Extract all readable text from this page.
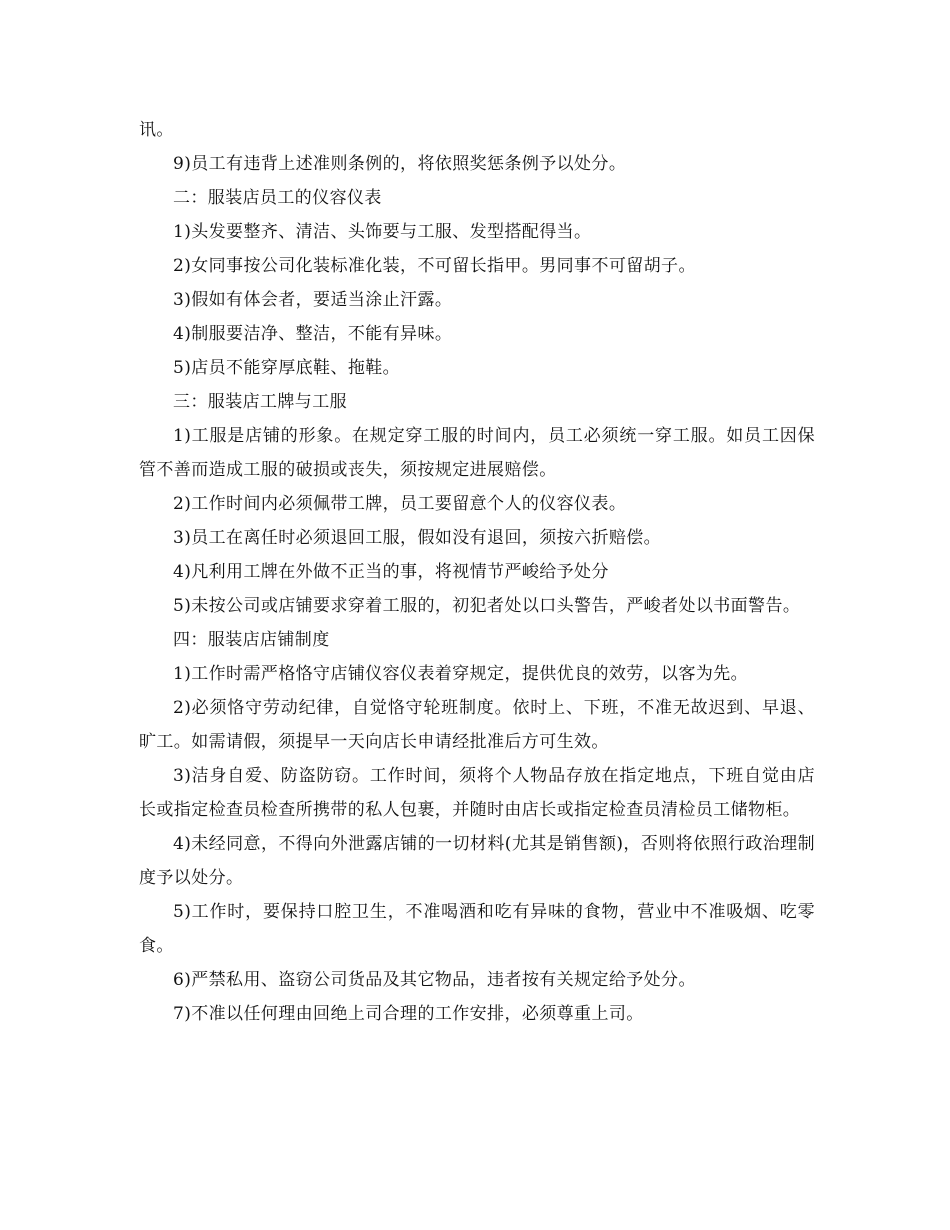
讯。

9)员工有违背上述准则条例的，将依照奖惩条例予以处分。

二：服装店员工的仪容仪表

1)头发要整齐、清洁、头饰要与工服、发型搭配得当。

2)女同事按公司化装标准化装，不可留长指甲。男同事不可留胡子。

3)假如有体会者，要适当涂止汗露。

4)制服要洁净、整洁，不能有异味。

5)店员不能穿厚底鞋、拖鞋。

三：服装店工牌与工服

1)工服是店铺的形象。在规定穿工服的时间内，员工必须统一穿工服。如员工因保管不善而造成工服的破损或丧失，须按规定进展赔偿。

2)工作时间内必须佩带工牌，员工要留意个人的仪容仪表。

3)员工在离任时必须退回工服，假如没有退回，须按六折赔偿。

4)凡利用工牌在外做不正当的事，将视情节严峻给予处分

5)未按公司或店铺要求穿着工服的，初犯者处以口头警告，严峻者处以书面警告。

四：服装店店铺制度

1)工作时需严格恪守店铺仪容仪表着穿规定，提供优良的效劳，以客为先。

2)必须恪守劳动纪律，自觉恪守轮班制度。依时上、下班，不准无故迟到、早退、旷工。如需请假，须提早一天向店长申请经批准后方可生效。

3)洁身自爱、防盗防窃。工作时间，须将个人物品存放在指定地点，下班自觉由店长或指定检查员检查所携带的私人包裹，并随时由店长或指定检查员清检员工储物柜。

4)未经同意，不得向外泄露店铺的一切材料(尤其是销售额)，否则将依照行政治理制度予以处分。

5)工作时，要保持口腔卫生，不准喝酒和吃有异味的食物，营业中不准吸烟、吃零食。

6)严禁私用、盗窃公司货品及其它物品，违者按有关规定给予处分。

7)不准以任何理由回绝上司合理的工作安排，必须尊重上司。
